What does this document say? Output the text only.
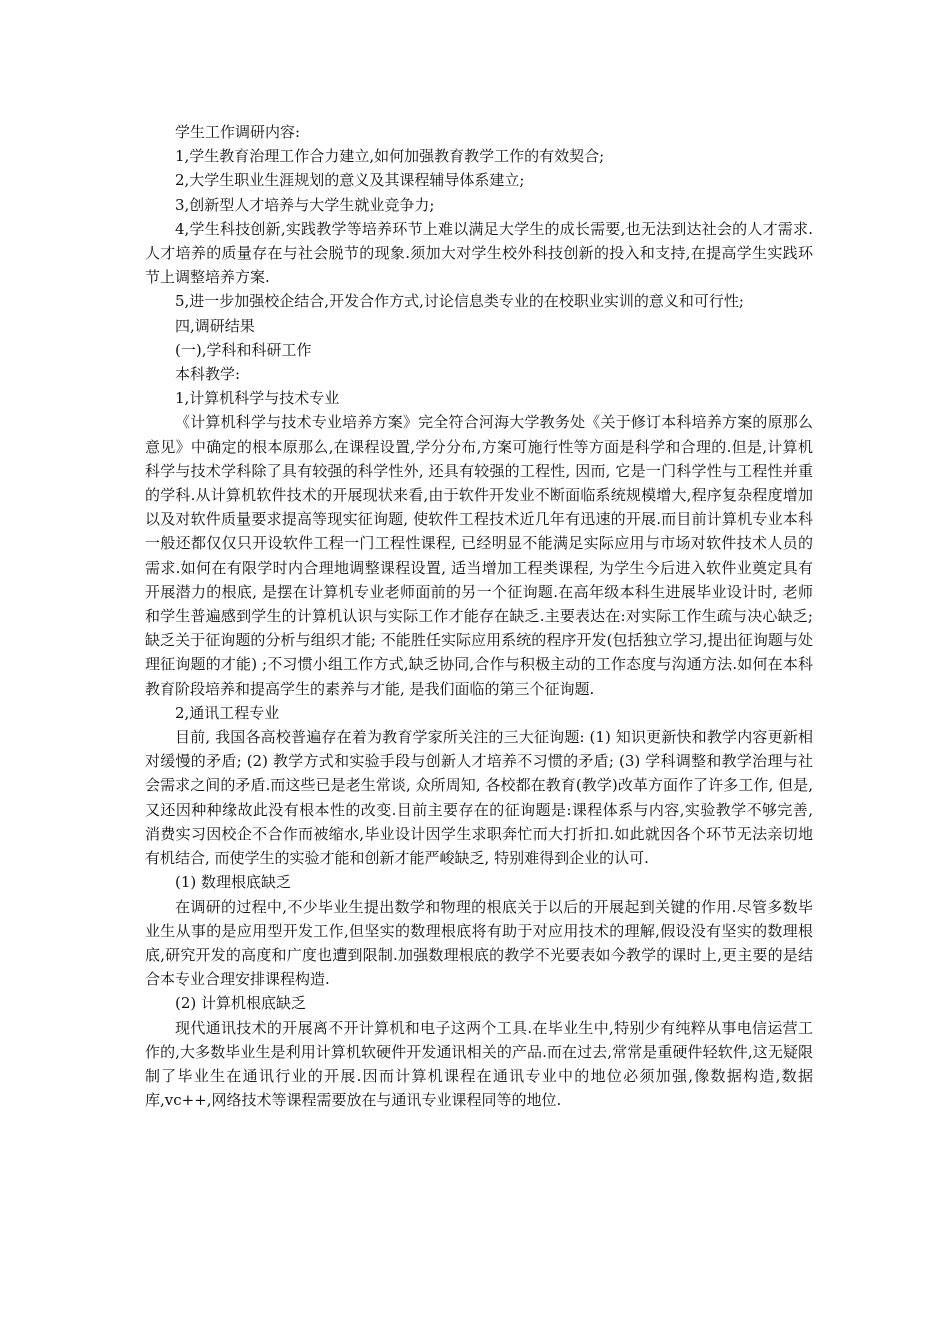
学生工作调研内容:

1,学生教育治理工作合力建立,如何加强教育教学工作的有效契合;

2,大学生职业生涯规划的意义及其课程辅导体系建立;

3,创新型人才培养与大学生就业竞争力;

4,学生科技创新,实践教学等培养环节上难以满足大学生的成长需要,也无法到达社会的人才需求.人才培养的质量存在与社会脱节的现象.须加大对学生校外科技创新的投入和支持,在提高学生实践环节上调整培养方案.

5,进一步加强校企结合,开发合作方式,讨论信息类专业的在校职业实训的意义和可行性;

四,调研结果

(一),学科和科研工作

本科教学:

1,计算机科学与技术专业

《计算机科学与技术专业培养方案》完全符合河海大学教务处《关于修订本科培养方案的原那么意见》中确定的根本原那么,在课程设置,学分分布,方案可施行性等方面是科学和合理的.但是,计算机科学与技术学科除了具有较强的科学性外, 还具有较强的工程性, 因而, 它是一门科学性与工程性并重的学科.从计算机软件技术的开展现状来看,由于软件开发业不断面临系统规模增大,程序复杂程度增加以及对软件质量要求提高等现实征询题, 使软件工程技术近几年有迅速的开展.而目前计算机专业本科一般还都仅仅只开设软件工程一门工程性课程, 已经明显不能满足实际应用与市场对软件技术人员的需求.如何在有限学时内合理地调整课程设置, 适当增加工程类课程, 为学生今后进入软件业奠定具有开展潜力的根底, 是摆在计算机专业老师面前的另一个征询题.在高年级本科生进展毕业设计时, 老师和学生普遍感到学生的计算机认识与实际工作才能存在缺乏.主要表达在:对实际工作生疏与决心缺乏;缺乏关于征询题的分析与组织才能; 不能胜任实际应用系统的程序开发(包括独立学习,提出征询题与处理征询题的才能) ;不习惯小组工作方式,缺乏协同,合作与积极主动的工作态度与沟通方法.如何在本科教育阶段培养和提高学生的素养与才能, 是我们面临的第三个征询题.

2,通讯工程专业

目前, 我国各高校普遍存在着为教育学家所关注的三大征询题: (1) 知识更新快和教学内容更新相对缓慢的矛盾; (2) 教学方式和实验手段与创新人才培养不习惯的矛盾; (3) 学科调整和教学治理与社会需求之间的矛盾.而这些已是老生常谈, 众所周知, 各校都在教育(教学)改革方面作了许多工作, 但是, 又还因种种缘故此没有根本性的改变.目前主要存在的征询题是:课程体系与内容,实验教学不够完善, 消费实习因校企不合作而被缩水,毕业设计因学生求职奔忙而大打折扣.如此就因各个环节无法亲切地有机结合, 而使学生的实验才能和创新才能严峻缺乏, 特别难得到企业的认可.

(1) 数理根底缺乏

在调研的过程中,不少毕业生提出数学和物理的根底关于以后的开展起到关键的作用.尽管多数毕业生从事的是应用型开发工作,但坚实的数理根底将有助于对应用技术的理解,假设没有坚实的数理根底,研究开发的高度和广度也遭到限制.加强数理根底的教学不光要表如今教学的课时上,更主要的是结合本专业合理安排课程构造.

(2) 计算机根底缺乏

现代通讯技术的开展离不开计算机和电子这两个工具.在毕业生中,特别少有纯粹从事电信运营工作的,大多数毕业生是利用计算机软硬件开发通讯相关的产品.而在过去,常常是重硬件轻软件,这无疑限制了毕业生在通讯行业的开展.因而计算机课程在通讯专业中的地位必须加强,像数据构造,数据库,vc++,网络技术等课程需要放在与通讯专业课程同等的地位.
